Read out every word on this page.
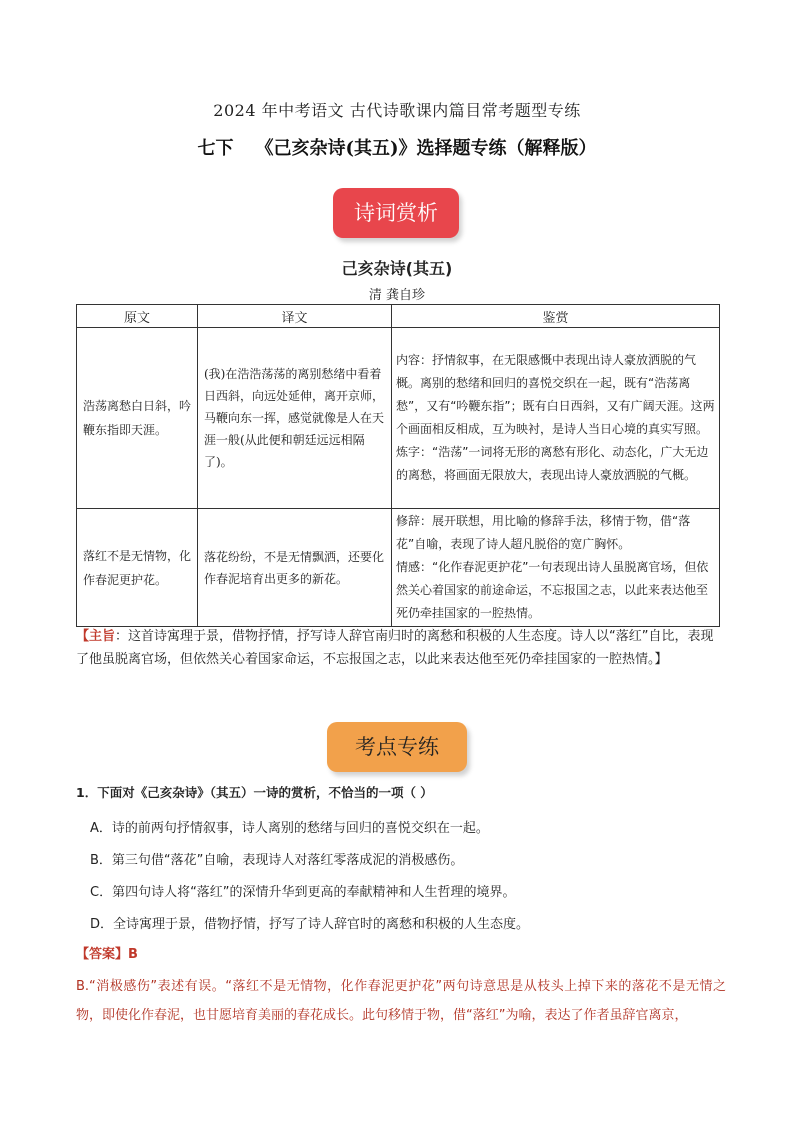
2024 年中考语文 古代诗歌课内篇目常考题型专练
七下 《己亥杂诗(其五)》选择题专练（解释版）
诗词赏析
己亥杂诗(其五)
清 龚自珍
原文	译文	鉴赏
浩荡离愁白日斜，吟鞭东指即天涯。	(我)在浩浩荡荡的离别愁绪中看着日西斜，向远处延伸，离开京师，马鞭向东一挥，感觉就像是人在天涯一般(从此便和朝廷远远相隔了)。	内容：抒情叙事，在无限感慨中表现出诗人豪放洒脱的气概。离别的愁绪和回归的喜悦交织在一起，既有“浩荡离愁”，又有“吟鞭东指”；既有白日西斜，又有广阔天涯。这两个画面相反相成，互为映衬，是诗人当日心境的真实写照。
炼字：“浩荡”一词将无形的离愁有形化、动态化，广大无边的离愁，将画面无限放大，表现出诗人豪放洒脱的气概。

落红不是无情物，化作春泥更护花。	落花纷纷，不是无情飘洒，还要化作春泥培育出更多的新花。	修辞：展开联想，用比喻的修辞手法，移情于物，借“落花”自喻，表现了诗人超凡脱俗的宽广胸怀。
情感：“化作春泥更护花”一句表现出诗人虽脱离官场，但依然关心着国家的前途命运，不忘报国之志，以此来表达他至死仍牵挂国家的一腔热情。
【主旨：这首诗寓理于景，借物抒情，抒写诗人辞官南归时的离愁和积极的人生态度。诗人以“落红”自比，表现了他虽脱离官场，但依然关心着国家命运，不忘报国之志，以此来表达他至死仍牵挂国家的一腔热情。】
考点专练
1．下面对《己亥杂诗》（其五）一诗的赏析，不恰当的一项（ ）
A．诗的前两句抒情叙事，诗人离别的愁绪与回归的喜悦交织在一起。
B．第三句借“落花”自喻，表现诗人对落红零落成泥的消极感伤。
C．第四句诗人将“落红”的深情升华到更高的奉献精神和人生哲理的境界。
D．全诗寓理于景，借物抒情，抒写了诗人辞官时的离愁和积极的人生态度。
【答案】B
B.“消极感伤”表述有误。“落红不是无情物，化作春泥更护花”两句诗意思是从枝头上掉下来的落花不是无情之物，即使化作春泥，也甘愿培育美丽的春花成长。此句移情于物，借“落红”为喻，表达了作者虽辞官离京，
